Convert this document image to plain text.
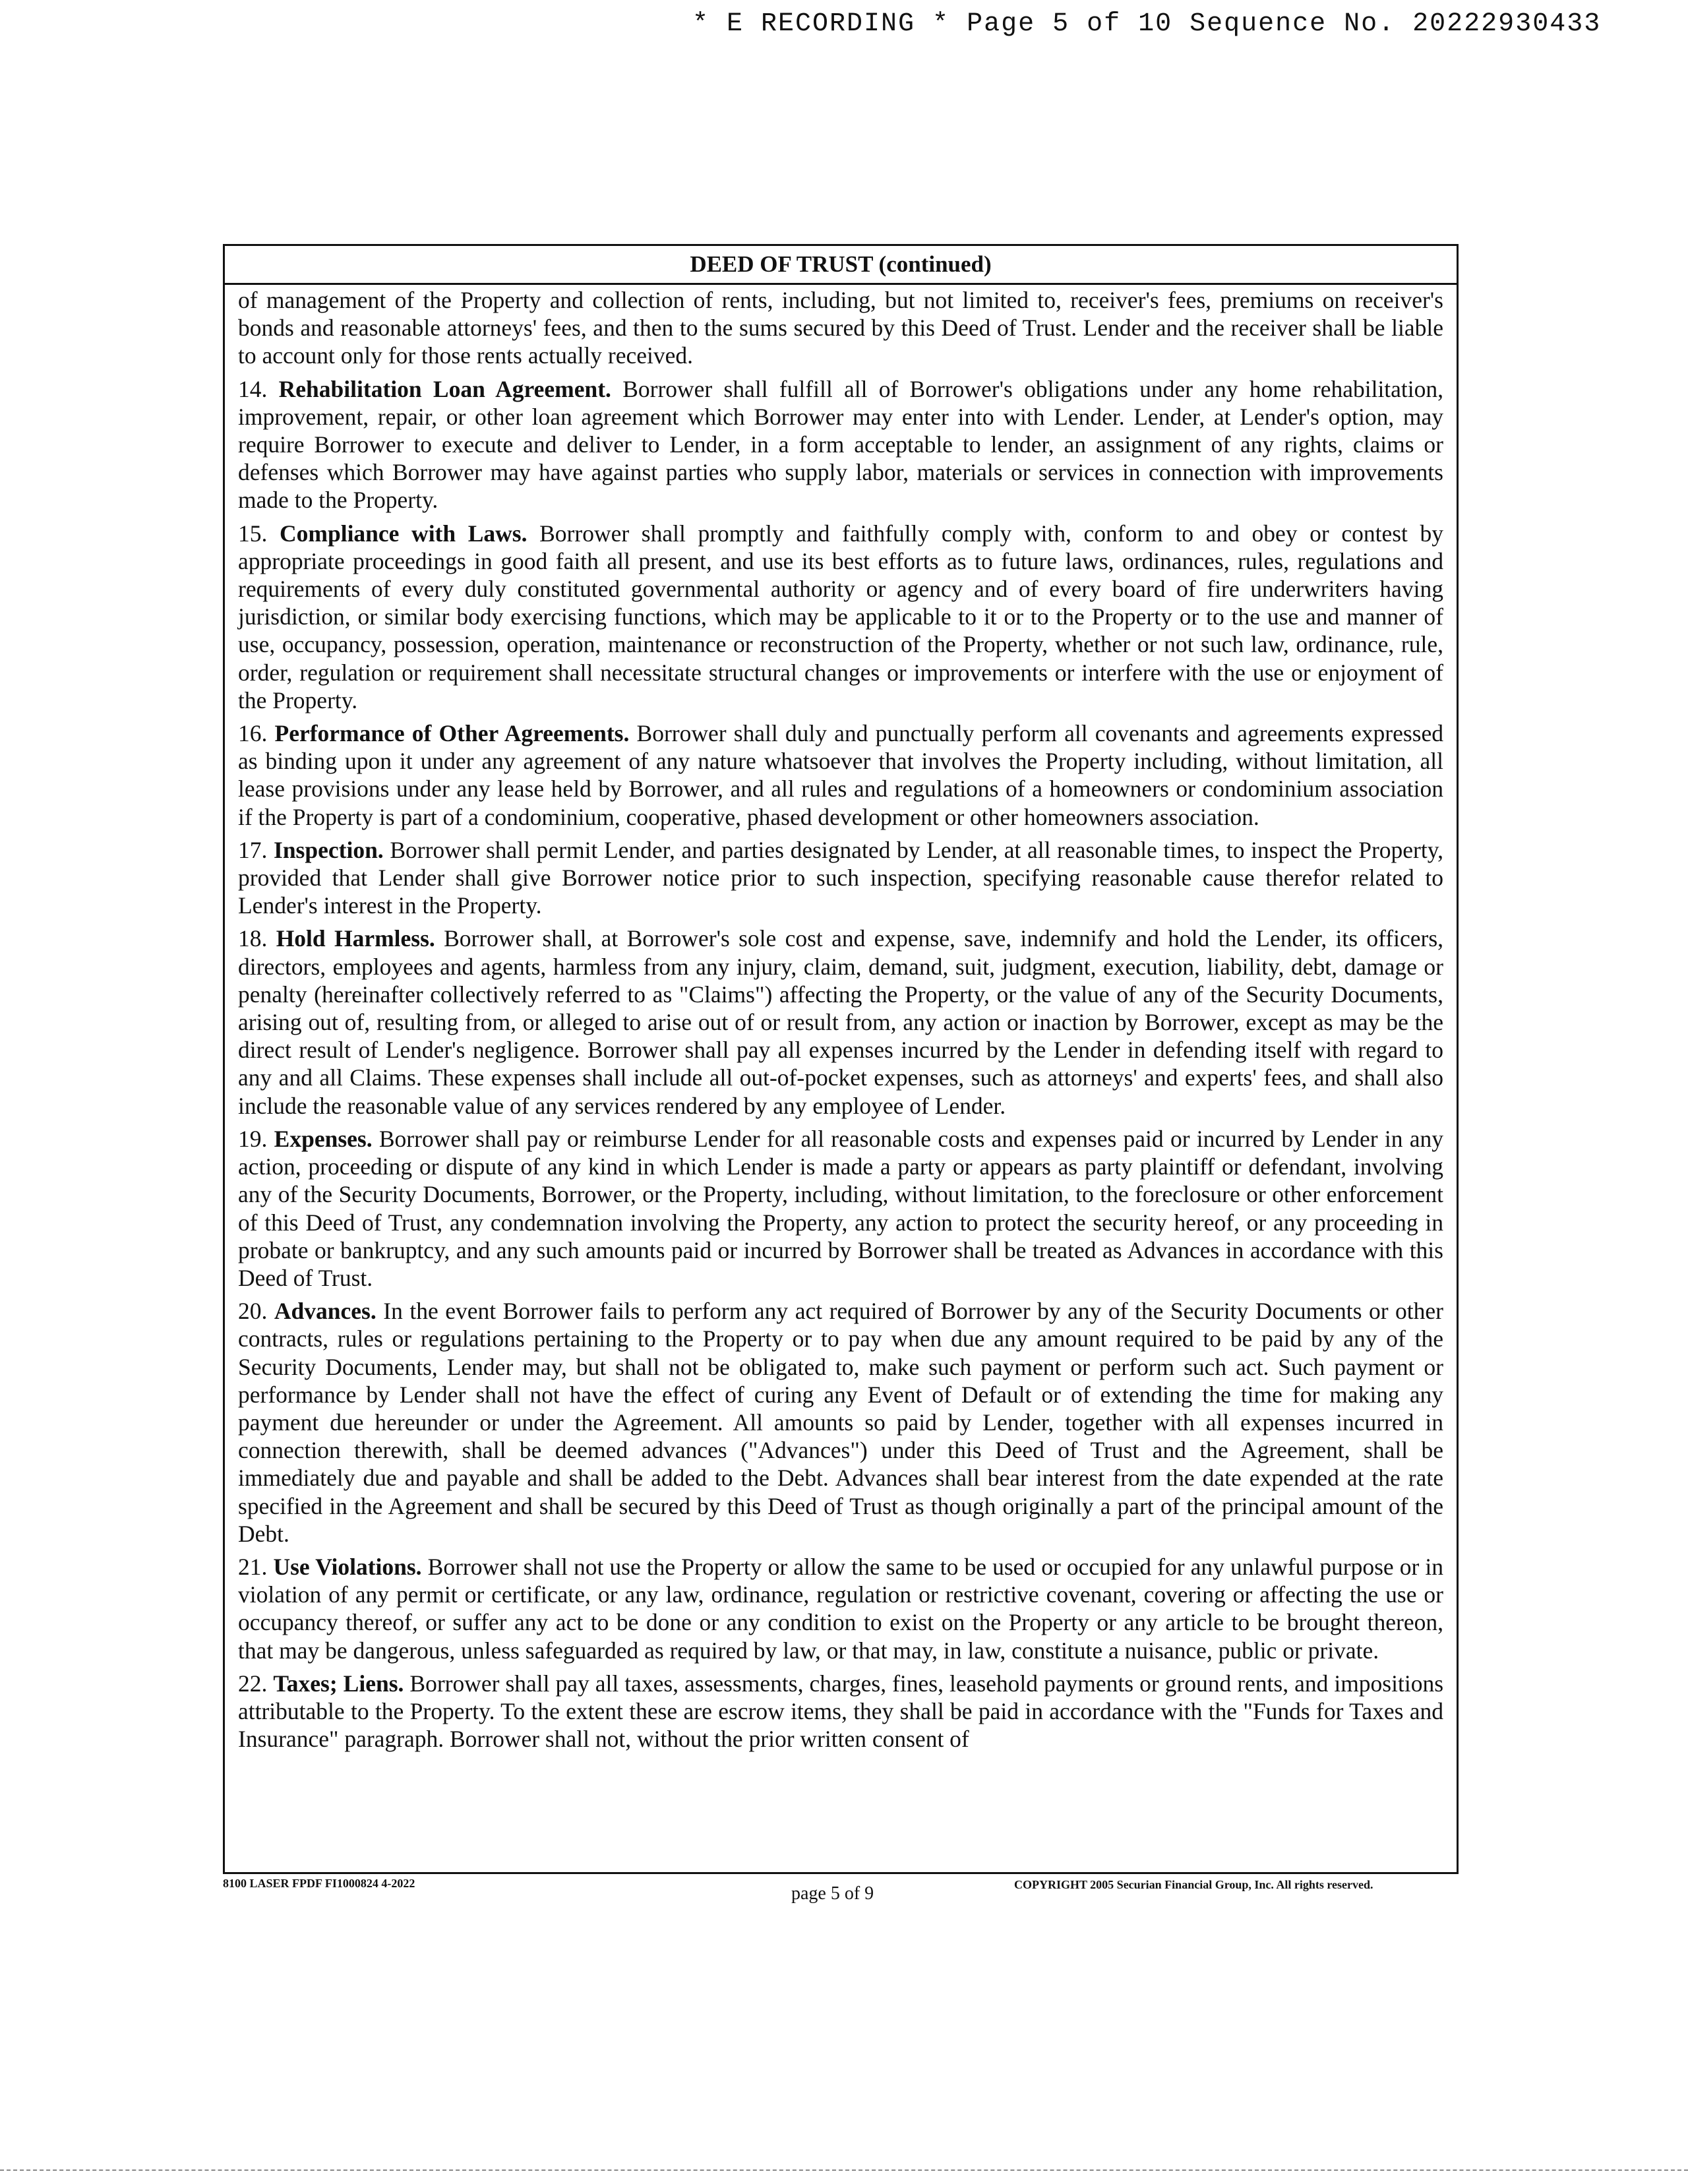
* E RECORDING * Page 5 of 10 Sequence No. 20222930433
DEED OF TRUST (continued)

of management of the Property and collection of rents, including, but not limited to, receiver's fees, premiums on receiver's bonds and reasonable attorneys' fees, and then to the sums secured by this Deed of Trust. Lender and the receiver shall be liable to account only for those rents actually received.

14. Rehabilitation Loan Agreement. Borrower shall fulfill all of Borrower's obligations under any home rehabilitation, improvement, repair, or other loan agreement which Borrower may enter into with Lender. Lender, at Lender's option, may require Borrower to execute and deliver to Lender, in a form acceptable to lender, an assignment of any rights, claims or defenses which Borrower may have against parties who supply labor, materials or services in connection with improvements made to the Property.

15. Compliance with Laws. Borrower shall promptly and faithfully comply with, conform to and obey or contest by appropriate proceedings in good faith all present, and use its best efforts as to future laws, ordinances, rules, regulations and requirements of every duly constituted governmental authority or agency and of every board of fire underwriters having jurisdiction, or similar body exercising functions, which may be applicable to it or to the Property or to the use and manner of use, occupancy, possession, operation, maintenance or reconstruction of the Property, whether or not such law, ordinance, rule, order, regulation or requirement shall necessitate structural changes or improvements or interfere with the use or enjoyment of the Property.

16. Performance of Other Agreements. Borrower shall duly and punctually perform all covenants and agreements expressed as binding upon it under any agreement of any nature whatsoever that involves the Property including, without limitation, all lease provisions under any lease held by Borrower, and all rules and regulations of a homeowners or condominium association if the Property is part of a condominium, cooperative, phased development or other homeowners association.

17. Inspection. Borrower shall permit Lender, and parties designated by Lender, at all reasonable times, to inspect the Property, provided that Lender shall give Borrower notice prior to such inspection, specifying reasonable cause therefor related to Lender's interest in the Property.

18. Hold Harmless. Borrower shall, at Borrower's sole cost and expense, save, indemnify and hold the Lender, its officers, directors, employees and agents, harmless from any injury, claim, demand, suit, judgment, execution, liability, debt, damage or penalty (hereinafter collectively referred to as "Claims") affecting the Property, or the value of any of the Security Documents, arising out of, resulting from, or alleged to arise out of or result from, any action or inaction by Borrower, except as may be the direct result of Lender's negligence. Borrower shall pay all expenses incurred by the Lender in defending itself with regard to any and all Claims. These expenses shall include all out-of-pocket expenses, such as attorneys' and experts' fees, and shall also include the reasonable value of any services rendered by any employee of Lender.

19. Expenses. Borrower shall pay or reimburse Lender for all reasonable costs and expenses paid or incurred by Lender in any action, proceeding or dispute of any kind in which Lender is made a party or appears as party plaintiff or defendant, involving any of the Security Documents, Borrower, or the Property, including, without limitation, to the foreclosure or other enforcement of this Deed of Trust, any condemnation involving the Property, any action to protect the security hereof, or any proceeding in probate or bankruptcy, and any such amounts paid or incurred by Borrower shall be treated as Advances in accordance with this Deed of Trust.

20. Advances. In the event Borrower fails to perform any act required of Borrower by any of the Security Documents or other contracts, rules or regulations pertaining to the Property or to pay when due any amount required to be paid by any of the Security Documents, Lender may, but shall not be obligated to, make such payment or perform such act. Such payment or performance by Lender shall not have the effect of curing any Event of Default or of extending the time for making any payment due hereunder or under the Agreement. All amounts so paid by Lender, together with all expenses incurred in connection therewith, shall be deemed advances ("Advances") under this Deed of Trust and the Agreement, shall be immediately due and payable and shall be added to the Debt. Advances shall bear interest from the date expended at the rate specified in the Agreement and shall be secured by this Deed of Trust as though originally a part of the principal amount of the Debt.

21. Use Violations. Borrower shall not use the Property or allow the same to be used or occupied for any unlawful purpose or in violation of any permit or certificate, or any law, ordinance, regulation or restrictive covenant, covering or affecting the use or occupancy thereof, or suffer any act to be done or any condition to exist on the Property or any article to be brought thereon, that may be dangerous, unless safeguarded as required by law, or that may, in law, constitute a nuisance, public or private.

22. Taxes; Liens. Borrower shall pay all taxes, assessments, charges, fines, leasehold payments or ground rents, and impositions attributable to the Property. To the extent these are escrow items, they shall be paid in accordance with the "Funds for Taxes and Insurance" paragraph. Borrower shall not, without the prior written consent of

8100 LASER FPDF FI1000824 4-2022	page 5 of 9	COPYRIGHT 2005 Securian Financial Group, Inc. All rights reserved.
